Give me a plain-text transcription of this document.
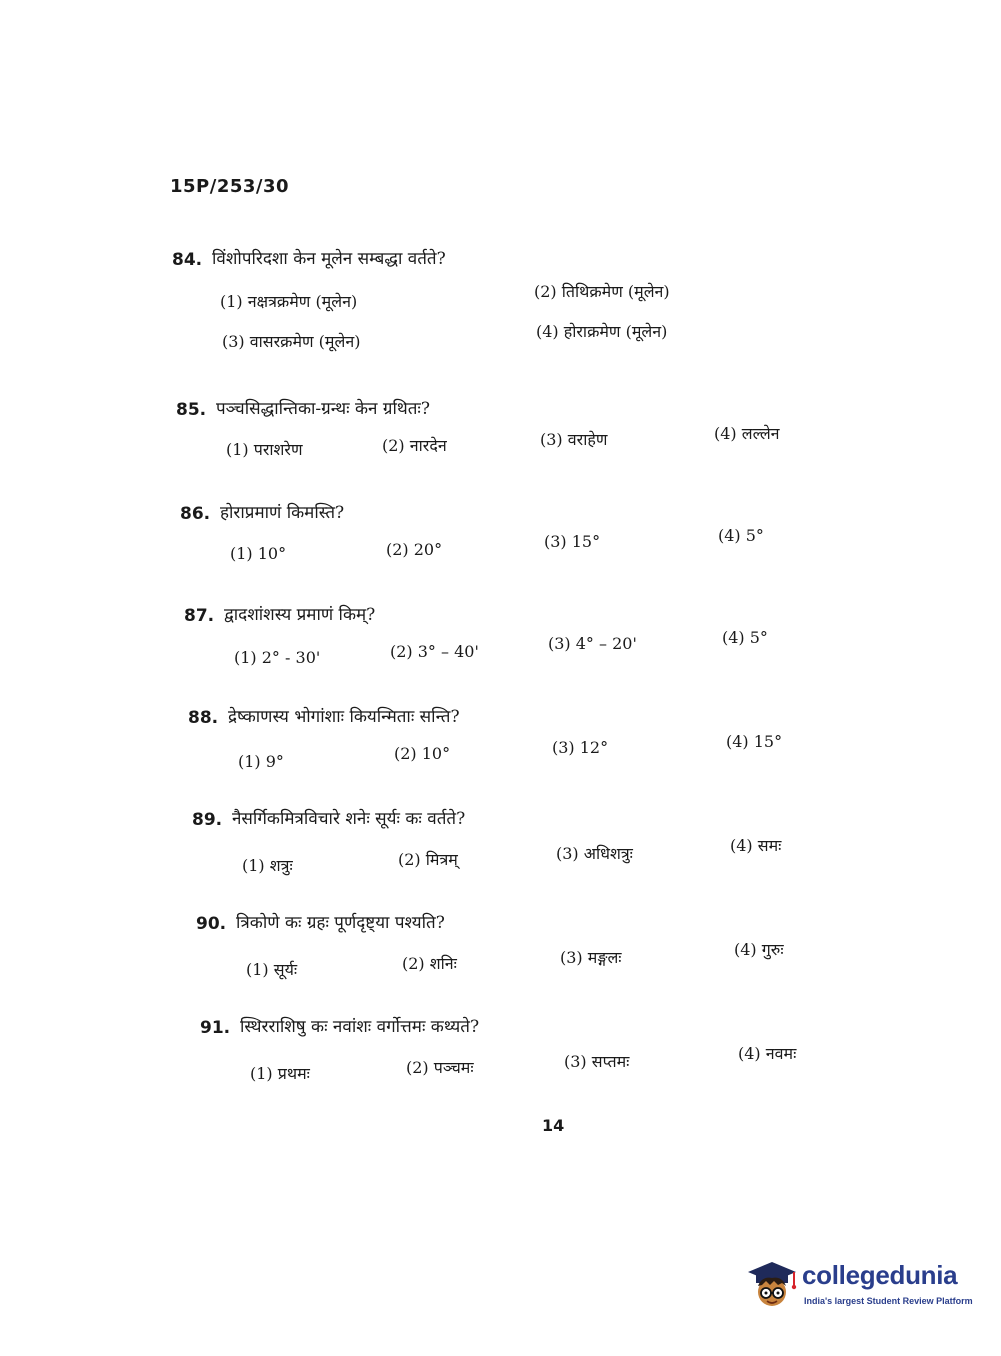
15P/253/30
84. विंशोपरिदशा केन मूलेन सम्बद्धा वर्तते?
(1) नक्षत्रक्रमेण (मूलेन)
(2) तिथिक्रमेण (मूलेन)
(3) वासरक्रमेण (मूलेन)
(4) होराक्रमेण (मूलेन)
85. पञ्चसिद्धान्तिका-ग्रन्थः केन ग्रथितः?
(1) पराशरेण	(2) नारदेन	(3) वराहेण	(4) लल्लेन
86. होराप्रमाणं किमस्ति?
(1) 10°	(2) 20°	(3) 15°	(4) 5°
87. द्वादशांशस्य प्रमाणं किम्?
(1) 2° - 30'	(2) 3° – 40'	(3) 4° – 20'	(4) 5°
88. द्रेष्काणस्य भोगांशाः कियन्मिताः सन्ति?
(1) 9°	(2) 10°	(3) 12°	(4) 15°
89. नैसर्गिकमित्रविचारे शनेः सूर्यः कः वर्तते?
(1) शत्रुः	(2) मित्रम्	(3) अधिशत्रुः	(4) समः
90. त्रिकोणे कः ग्रहः पूर्णदृष्ट्या पश्यति?
(1) सूर्यः	(2) शनिः	(3) मङ्गलः	(4) गुरुः
91. स्थिरराशिषु कः नवांशः वर्गोत्तमः कथ्यते?
(1) प्रथमः	(2) पञ्चमः	(3) सप्तमः	(4) नवमः
14
collegedunia
India's largest Student Review Platform
